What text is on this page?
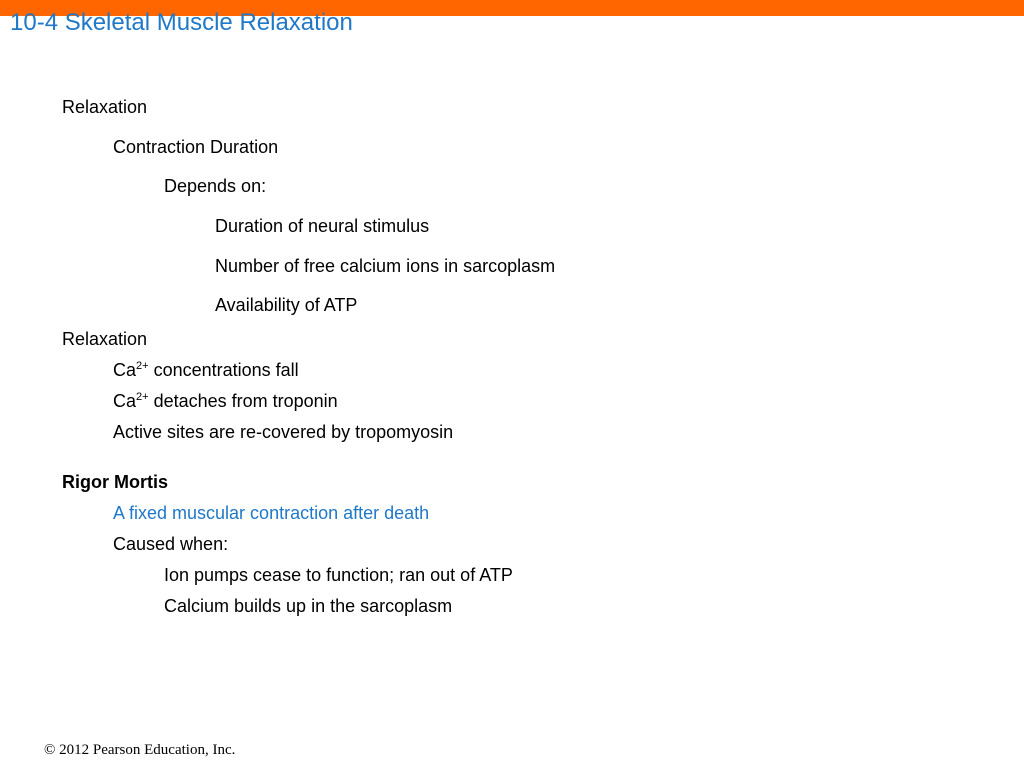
10-4 Skeletal Muscle Relaxation
Relaxation
Contraction Duration
Depends on:
Duration of neural stimulus
Number of free calcium ions in sarcoplasm
Availability of ATP
Relaxation
$Ca^{2+}$ concentrations fall
$Ca^{2+}$ detaches from troponin
Active sites are re-covered by tropomyosin
Rigor Mortis
A fixed muscular contraction after death
Caused when:
Ion pumps cease to function; ran out of ATP
Calcium builds up in the sarcoplasm
© 2012 Pearson Education, Inc.
